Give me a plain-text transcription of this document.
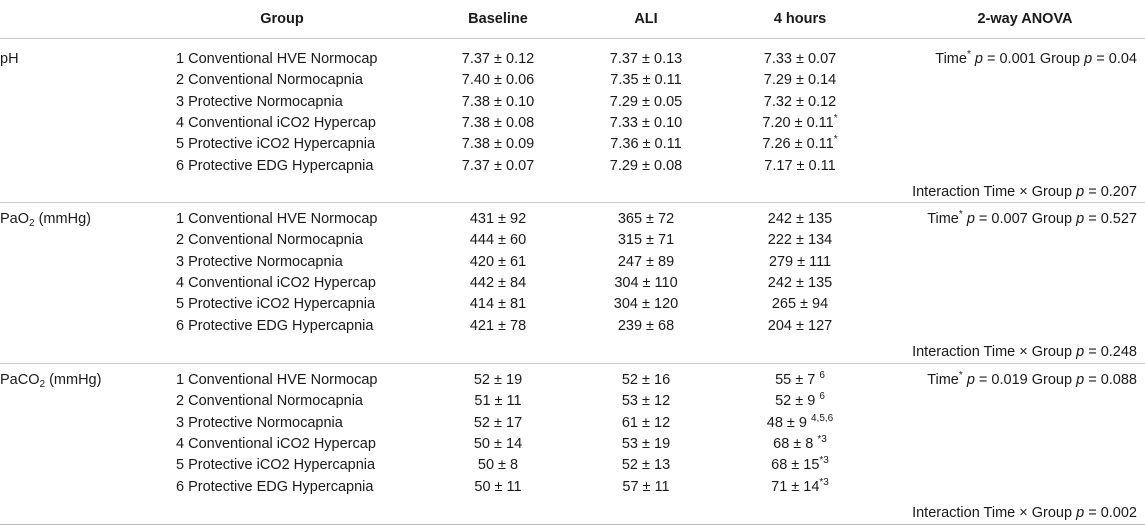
Group	Baseline	ALI	4 hours	2-way ANOVA
pH	1 Conventional HVE Normocap	7.37 ± 0.12	7.37 ± 0.13	7.33 ± 0.07
2 Conventional Normocapnia	7.40 ± 0.06	7.35 ± 0.11	7.29 ± 0.14
3 Protective Normocapnia	7.38 ± 0.10	7.29 ± 0.05	7.32 ± 0.12
4 Conventional iCO2 Hypercap	7.38 ± 0.08	7.33 ± 0.10	7.20 ± 0.11*
5 Protective iCO2 Hypercapnia	7.38 ± 0.09	7.36 ± 0.11	7.26 ± 0.11*
6 Protective EDG Hypercapnia	7.37 ± 0.07	7.29 ± 0.08	7.17 ± 0.11
Time* p = 0.001 Group p = 0.04
Interaction Time × Group p = 0.207
PaO$_2$ (mmHg)	1 Conventional HVE Normocap	431 ± 92	365 ± 72	242 ± 135
2 Conventional Normocapnia	444 ± 60	315 ± 71	222 ± 134
3 Protective Normocapnia	420 ± 61	247 ± 89	279 ± 111
4 Conventional iCO2 Hypercap	442 ± 84	304 ± 110	242 ± 135
5 Protective iCO2 Hypercapnia	414 ± 81	304 ± 120	265 ± 94
6 Protective EDG Hypercapnia	421 ± 78	239 ± 68	204 ± 127
Time* p = 0.007 Group p = 0.527
Interaction Time × Group p = 0.248
PaCO$_2$ (mmHg)	1 Conventional HVE Normocap	52 ± 19	52 ± 16	55 ± 7 $^6$
2 Conventional Normocapnia	51 ± 11	53 ± 12	52 ± 9 $^6$
3 Protective Normocapnia	52 ± 17	61 ± 12	48 ± 9 $^{4,5,6}$
4 Conventional iCO2 Hypercap	50 ± 14	53 ± 19	68 ± 8 $^{*3}$
5 Protective iCO2 Hypercapnia	50 ± 8	52 ± 13	$68 \pm 15^{*3}$
6 Protective EDG Hypercapnia	50 ± 11	57 ± 11	$71 \pm 14^{*3}$
Time* p = 0.019 Group p = 0.088
Interaction Time × Group p = 0.002
